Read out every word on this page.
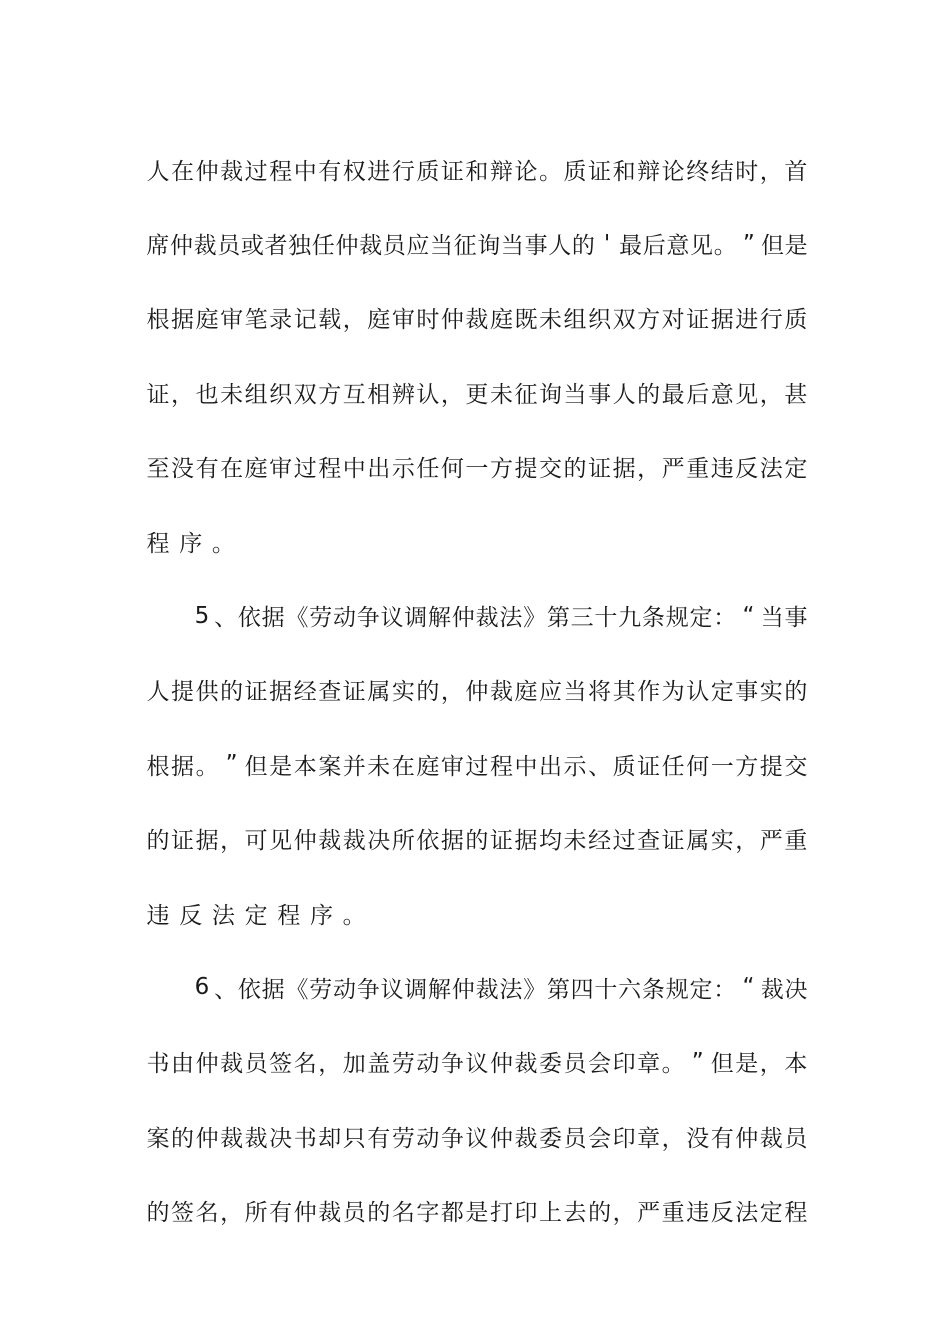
人 在 仲 裁 过 程 中 有 权 进 行 质 证 和 辩 论 。 质 证 和 辩 论 终 结 时 ， 首
席 仲 裁 员 或 者 独 任 仲 裁 员 应 当 征 询 当 事 人 的 ' 最 后 意 见 。 ” 但 是
根 据 庭 审 笔 录 记 载 ， 庭 审 时 仲 裁 庭 既 未 组 织 双 方 对 证 据 进 行 质
证 ， 也 未 组 织 双 方 互 相 辨 认 ， 更 未 征 询 当 事 人 的 最 后 意 见 ， 甚
至 没 有 在 庭 审 过 程 中 出 示 任 何 一 方 提 交 的 证 据 ， 严 重 违 反 法 定
程 序 。
5 、 依 据 《 劳 动 争 议 调 解 仲 裁 法 》 第 三 十 九 条 规 定 ： “ 当 事
人 提 供 的 证 据 经 查 证 属 实 的 ， 仲 裁 庭 应 当 将 其 作 为 认 定 事 实 的
根 据 。 ” 但 是 本 案 并 未 在 庭 审 过 程 中 出 示 、 质 证 任 何 一 方 提 交
的 证 据 ， 可 见 仲 裁 裁 决 所 依 据 的 证 据 均 未 经 过 查 证 属 实 ， 严 重
违 反 法 定 程 序 。
6 、 依 据 《 劳 动 争 议 调 解 仲 裁 法 》 第 四 十 六 条 规 定 ： “ 裁 决
书 由 仲 裁 员 签 名 ， 加 盖 劳 动 争 议 仲 裁 委 员 会 印 章 。 ” 但 是 ， 本
案 的 仲 裁 裁 决 书 却 只 有 劳 动 争 议 仲 裁 委 员 会 印 章 ， 没 有 仲 裁 员
的 签 名 ， 所 有 仲 裁 员 的 名 字 都 是 打 印 上 去 的 ， 严 重 违 反 法 定 程
